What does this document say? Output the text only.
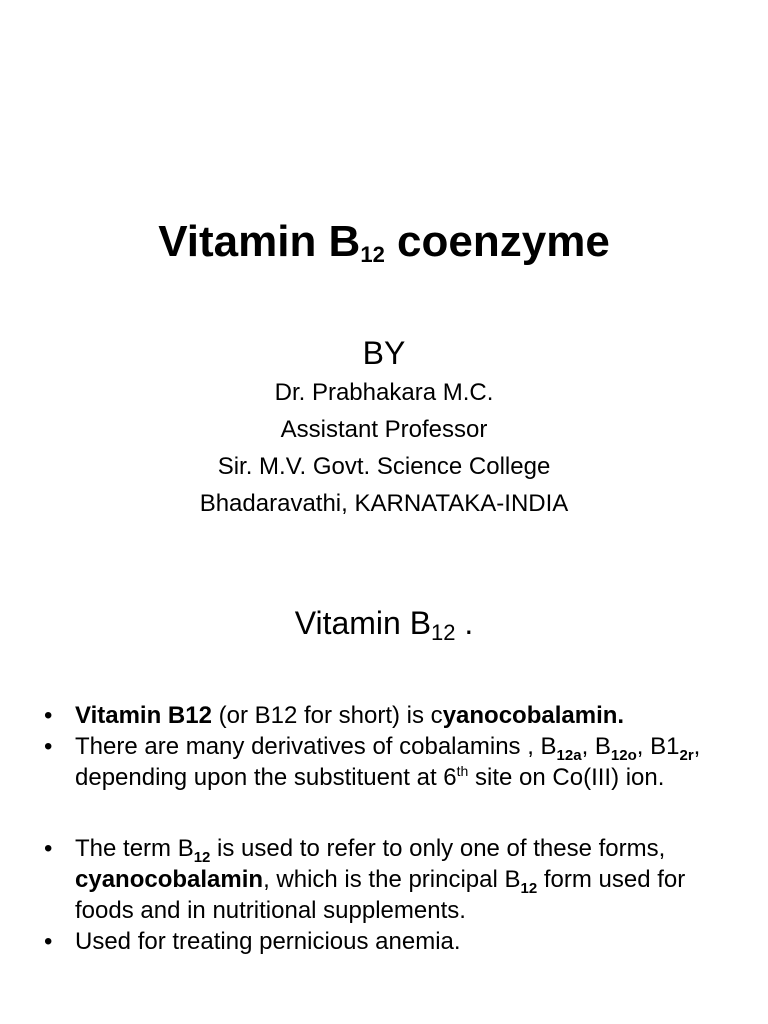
Vitamin $B_{12}$ coenzyme
BY
Dr. Prabhakara M.C.
Assistant Professor
Sir. M.V. Govt. Science College
Bhadaravathi, KARNATAKA-INDIA
Vitamin $B_{12}$ .
• Vitamin B12 (or B12 for short) is cyanocobalamin.
• There are many derivatives of cobalamins , $B_{12a}$, $B_{12o}$, $B1_{2r}$, depending upon the substituent at 6th site on Co(III) ion.
• The term $B_{12}$ is used to refer to only one of these forms, cyanocobalamin, which is the principal $B_{12}$ form used for foods and in nutritional supplements.
• Used for treating pernicious anemia.
